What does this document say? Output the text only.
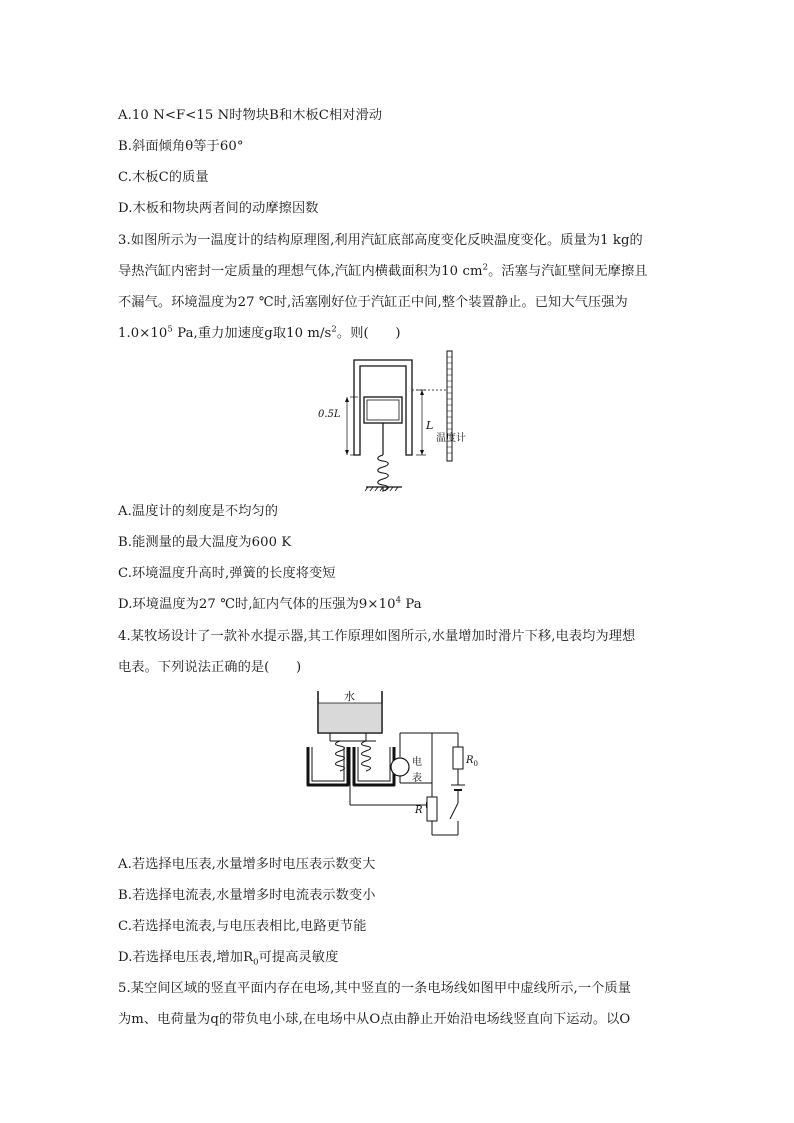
A.10 N<F<15 N时物块B和木板C相对滑动
B.斜面倾角θ等于60°
C.木板C的质量
D.木板和物块两者间的动摩擦因数
3.如图所示为一温度计的结构原理图,利用汽缸底部高度变化反映温度变化。质量为1 kg的
导热汽缸内密封一定质量的理想气体,汽缸内横截面积为10 $cm^2$。活塞与汽缸壁间无摩擦且
不漏气。环境温度为27 ℃时,活塞刚好位于汽缸正中间,整个装置静止。已知大气压强为
$1.0\times 10^5$ Pa,重力加速度g取10 $m/s^2$。则(　　)
0.5L
L
温度计
A.温度计的刻度是不均匀的
B.能测量的最大温度为600 K
C.环境温度升高时,弹簧的长度将变短
D.环境温度为27 ℃时,缸内气体的压强为$9\times 10^4$ Pa
4.某牧场设计了一款补水提示器,其工作原理如图所示,水量增加时滑片下移,电表均为理想
电表。下列说法正确的是(　　)
水
电
表
R
$R_0$
A.若选择电压表,水量增多时电压表示数变大
B.若选择电流表,水量增多时电流表示数变小
C.若选择电流表,与电压表相比,电路更节能
D.若选择电压表,增加$R_0$可提高灵敏度
5.某空间区域的竖直平面内存在电场,其中竖直的一条电场线如图甲中虚线所示,一个质量
为m、电荷量为q的带负电小球,在电场中从O点由静止开始沿电场线竖直向下运动。以O
